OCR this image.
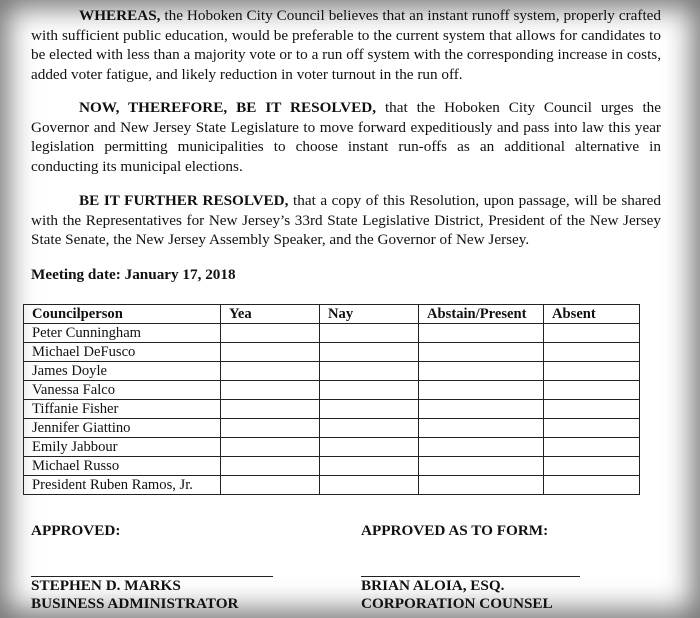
WHEREAS, the Hoboken City Council believes that an instant runoff system, properly crafted with sufficient public education, would be preferable to the current system that allows for candidates to be elected with less than a majority vote or to a run off system with the corresponding increase in costs, added voter fatigue, and likely reduction in voter turnout in the run off.

NOW, THEREFORE, BE IT RESOLVED, that the Hoboken City Council urges the Governor and New Jersey State Legislature to move forward expeditiously and pass into law this year legislation permitting municipalities to choose instant run-offs as an additional alternative in conducting its municipal elections.

BE IT FURTHER RESOLVED, that a copy of this Resolution, upon passage, will be shared with the Representatives for New Jersey’s 33rd State Legislative District, President of the New Jersey State Senate, the New Jersey Assembly Speaker, and the Governor of New Jersey.

Meeting date: January 17, 2018

Councilperson	Yea	Nay	Abstain/Present	Absent
Peter Cunningham				
Michael DeFusco				
James Doyle				
Vanessa Falco				
Tiffanie Fisher				
Jennifer Giattino				
Emily Jabbour				
Michael Russo				
President Ruben Ramos, Jr.				

APPROVED:	APPROVED AS TO FORM:

STEPHEN D. MARKS

BUSINESS ADMINISTRATOR

BRIAN ALOIA, ESQ.

CORPORATION COUNSEL
